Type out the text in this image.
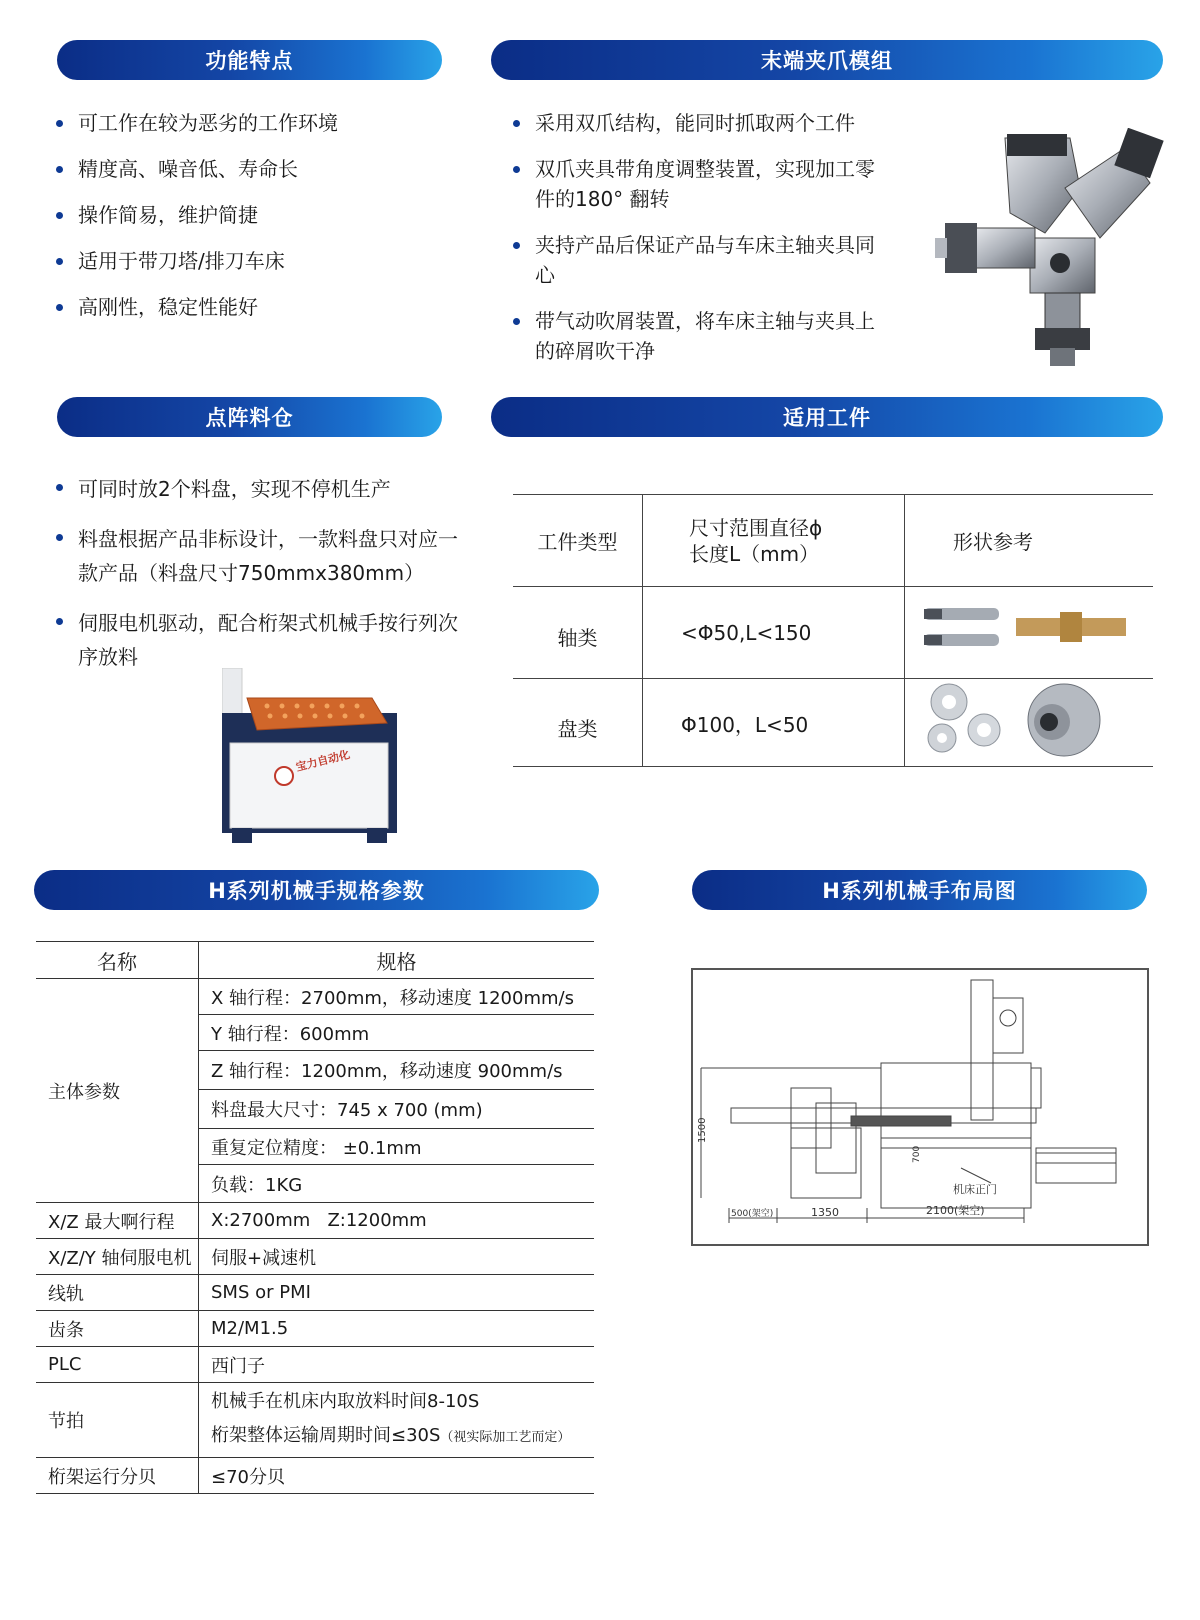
功能特点
可工作在较为恶劣的工作环境
精度高、噪音低、寿命长
操作简易，维护简捷
适用于带刀塔/排刀车床
高刚性，稳定性能好
末端夹爪模组
采用双爪结构，能同时抓取两个工件
双爪夹具带角度调整装置，实现加工零件的180° 翻转
夹持产品后保证产品与车床主轴夹具同心
带气动吹屑装置，将车床主轴与夹具上的碎屑吹干净
点阵料仓
可同时放2个料盘，实现不停机生产
料盘根据产品非标设计，一款料盘只对应一款产品（料盘尺寸750mmx380mm）
伺服电机驱动，配合桁架式机械手按行列次序放料
宝力自动化
适用工件
工件类型	尺寸范围直径ϕ 长度L（mm）	形状参考
轴类	<Φ50,L<150	
盘类	Φ100，L<50	
H系列机械手规格参数
名称	规格
主体参数	X 轴行程：2700mm，移动速度 1200mm/s
	Y 轴行程：600mm
	Z 轴行程：1200mm，移动速度 900mm/s
	料盘最大尺寸：745 x 700 (mm)
	重复定位精度： ±0.1mm
	负载：1KG
X/Z 最大啊行程	X:2700mm   Z:1200mm
X/Z/Y 轴伺服电机	伺服+减速机
线轨	SMS or PMI
齿条	M2/M1.5
PLC	西门子
节拍	机械手在机床内取放料时间8-10S
桁架整体运输周期时间≤30S（视实际加工艺而定）

桁架运行分贝	≤70分贝
H系列机械手布局图
1500
700
机床正门
500(架空)	1350	2100(架空)
